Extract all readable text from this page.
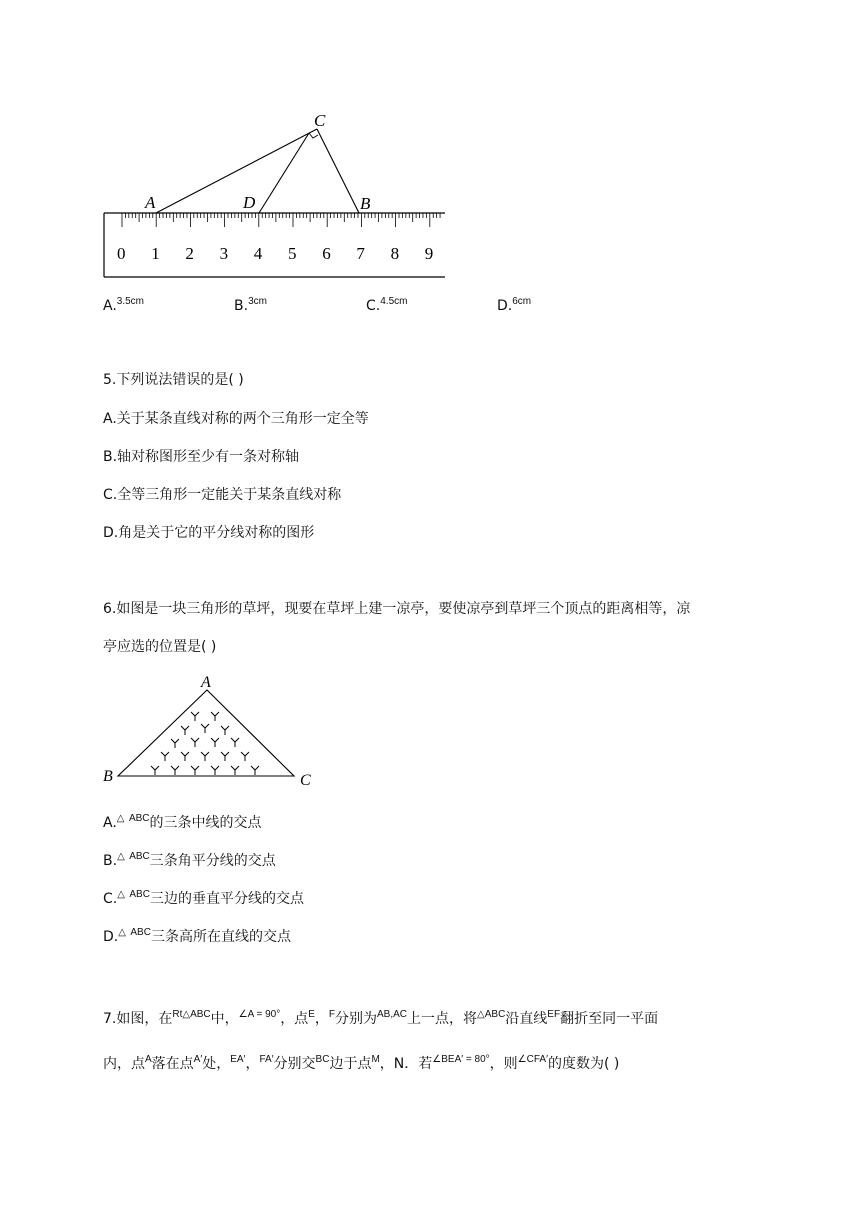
C
A	D	B
0 1 2 3 4 5 6 7 8 9
A.$^{3.5cm}$	B.$^{3cm}$	C.$^{4.5cm}$	D.$^{6cm}$
5.下列说法错误的是( )
A.关于某条直线对称的两个三角形一定全等
B.轴对称图形至少有一条对称轴
C.全等三角形一定能关于某条直线对称
D.角是关于它的平分线对称的图形
6.如图是一块三角形的草坪，现要在草坪上建一凉亭，要使凉亭到草坪三个顶点的距离相等，凉
亭应选的位置是( )
A
B	C
A.△ $^{ABC}$的三条中线的交点
B.△ $^{ABC}$三条角平分线的交点
C.△ $^{ABC}$三边的垂直平分线的交点
D.△ $^{ABC}$三条高所在直线的交点
7.如图，在$^{Rt\triangle ABC}$中，$^{\angle A = 90^\circ}$，点$^E$，$^F$分别为$^{AB,AC}$上一点，将$^{\triangle ABC}$沿直线$^{EF}$翻折至同一平面
内，点$^A$落在点$^{A'}$处，$^{EA'}$，$^{FA'}$分别交$^{BC}$边于点$^M$，N．若$^{\angle BEA' = 80^\circ}$，则$^{\angle CFA'}$的度数为( )
